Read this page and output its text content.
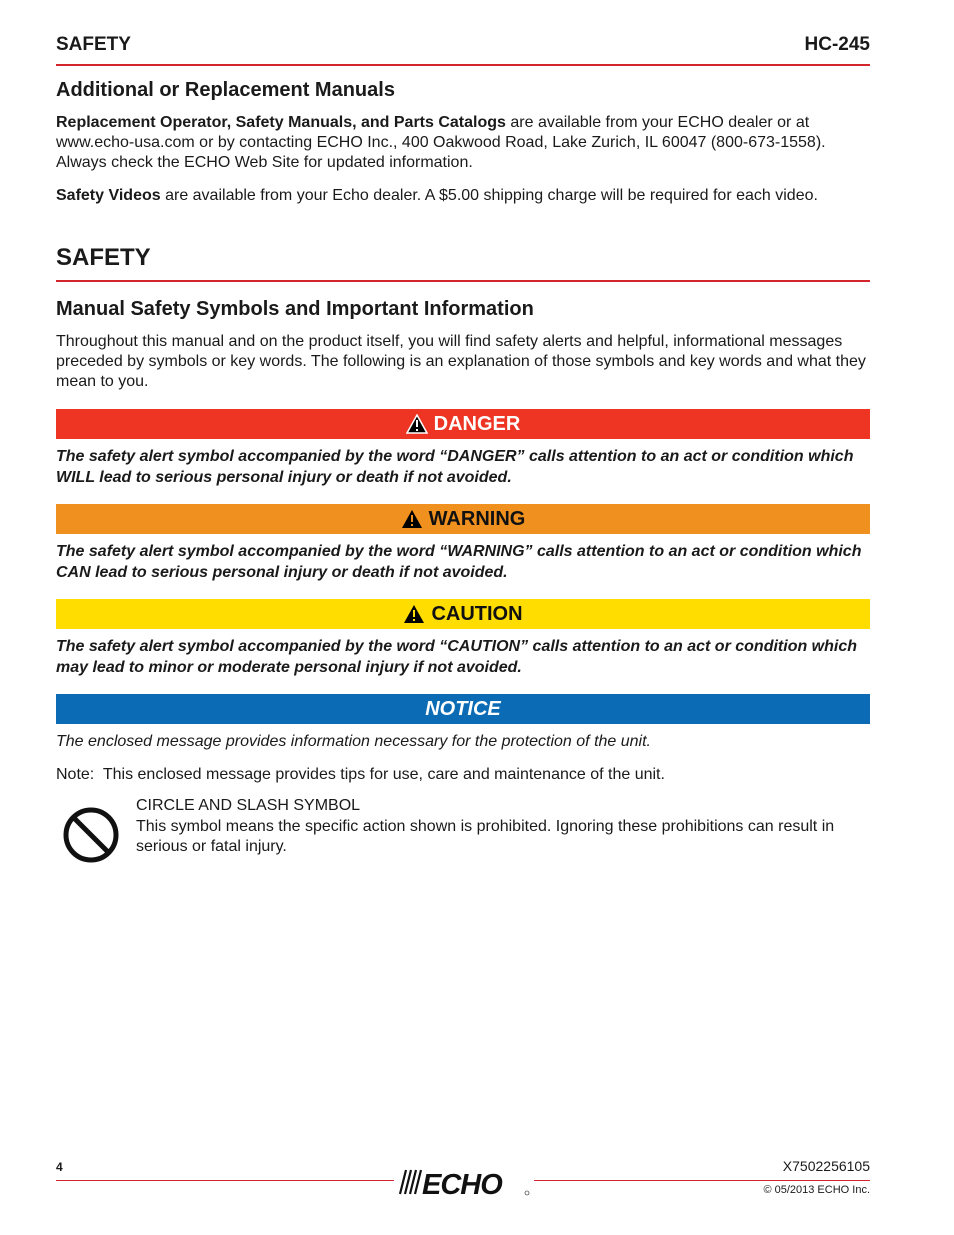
SAFETY	HC-245
Additional or Replacement Manuals
Replacement Operator, Safety Manuals, and Parts Catalogs are available from your ECHO dealer or at www.echo-usa.com or by contacting ECHO Inc., 400 Oakwood Road, Lake Zurich, IL 60047 (800-673-1558). Always check the ECHO Web Site for updated information.
Safety Videos are available from your Echo dealer. A $5.00 shipping charge will be required for each video.
SAFETY
Manual Safety Symbols and Important Information
Throughout this manual and on the product itself, you will find safety alerts and helpful, informational messages preceded by symbols or key words. The following is an explanation of those symbols and key words and what they mean to you.
DANGER
The safety alert symbol accompanied by the word “DANGER” calls attention to an act or condition which WILL lead to serious personal injury or death if not avoided.
WARNING
The safety alert symbol accompanied by the word “WARNING” calls attention to an act or condition which CAN lead to serious personal injury or death if not avoided.
CAUTION
The safety alert symbol accompanied by the word “CAUTION” calls attention to an act or condition which may lead to minor or moderate personal injury if not avoided.
NOTICE
The enclosed message provides information necessary for the protection of the unit.
Note:  This enclosed message provides tips for use, care and maintenance of the unit.
CIRCLE AND SLASH SYMBOL
This symbol means the specific action shown is prohibited. Ignoring these prohibitions can result in serious or fatal injury.
4
ECHO
X7502256105
© 05/2013 ECHO Inc.
